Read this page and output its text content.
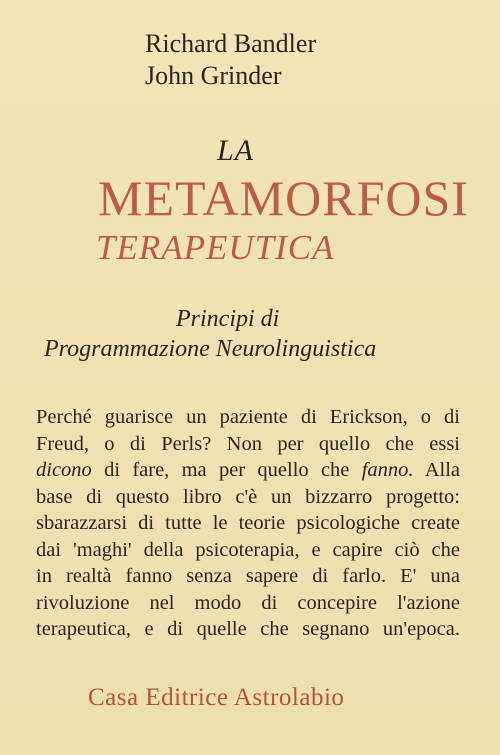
Richard Bandler
John Grinder
LA
METAMORFOSI
TERAPEUTICA
Principi di
Programmazione Neurolinguistica
Perché guarisce un paziente di Erickson, o di
Freud, o di Perls? Non per quello che essi
dicono di fare, ma per quello che fanno. Alla
base di questo libro c'è un bizzarro progetto:
sbarazzarsi di tutte le teorie psicologiche create
dai 'maghi' della psicoterapia, e capire ciò che
in realtà fanno senza sapere di farlo. E' una
rivoluzione nel modo di concepire l'azione
terapeutica, e di quelle che segnano un'epoca.
Casa Editrice Astrolabio
